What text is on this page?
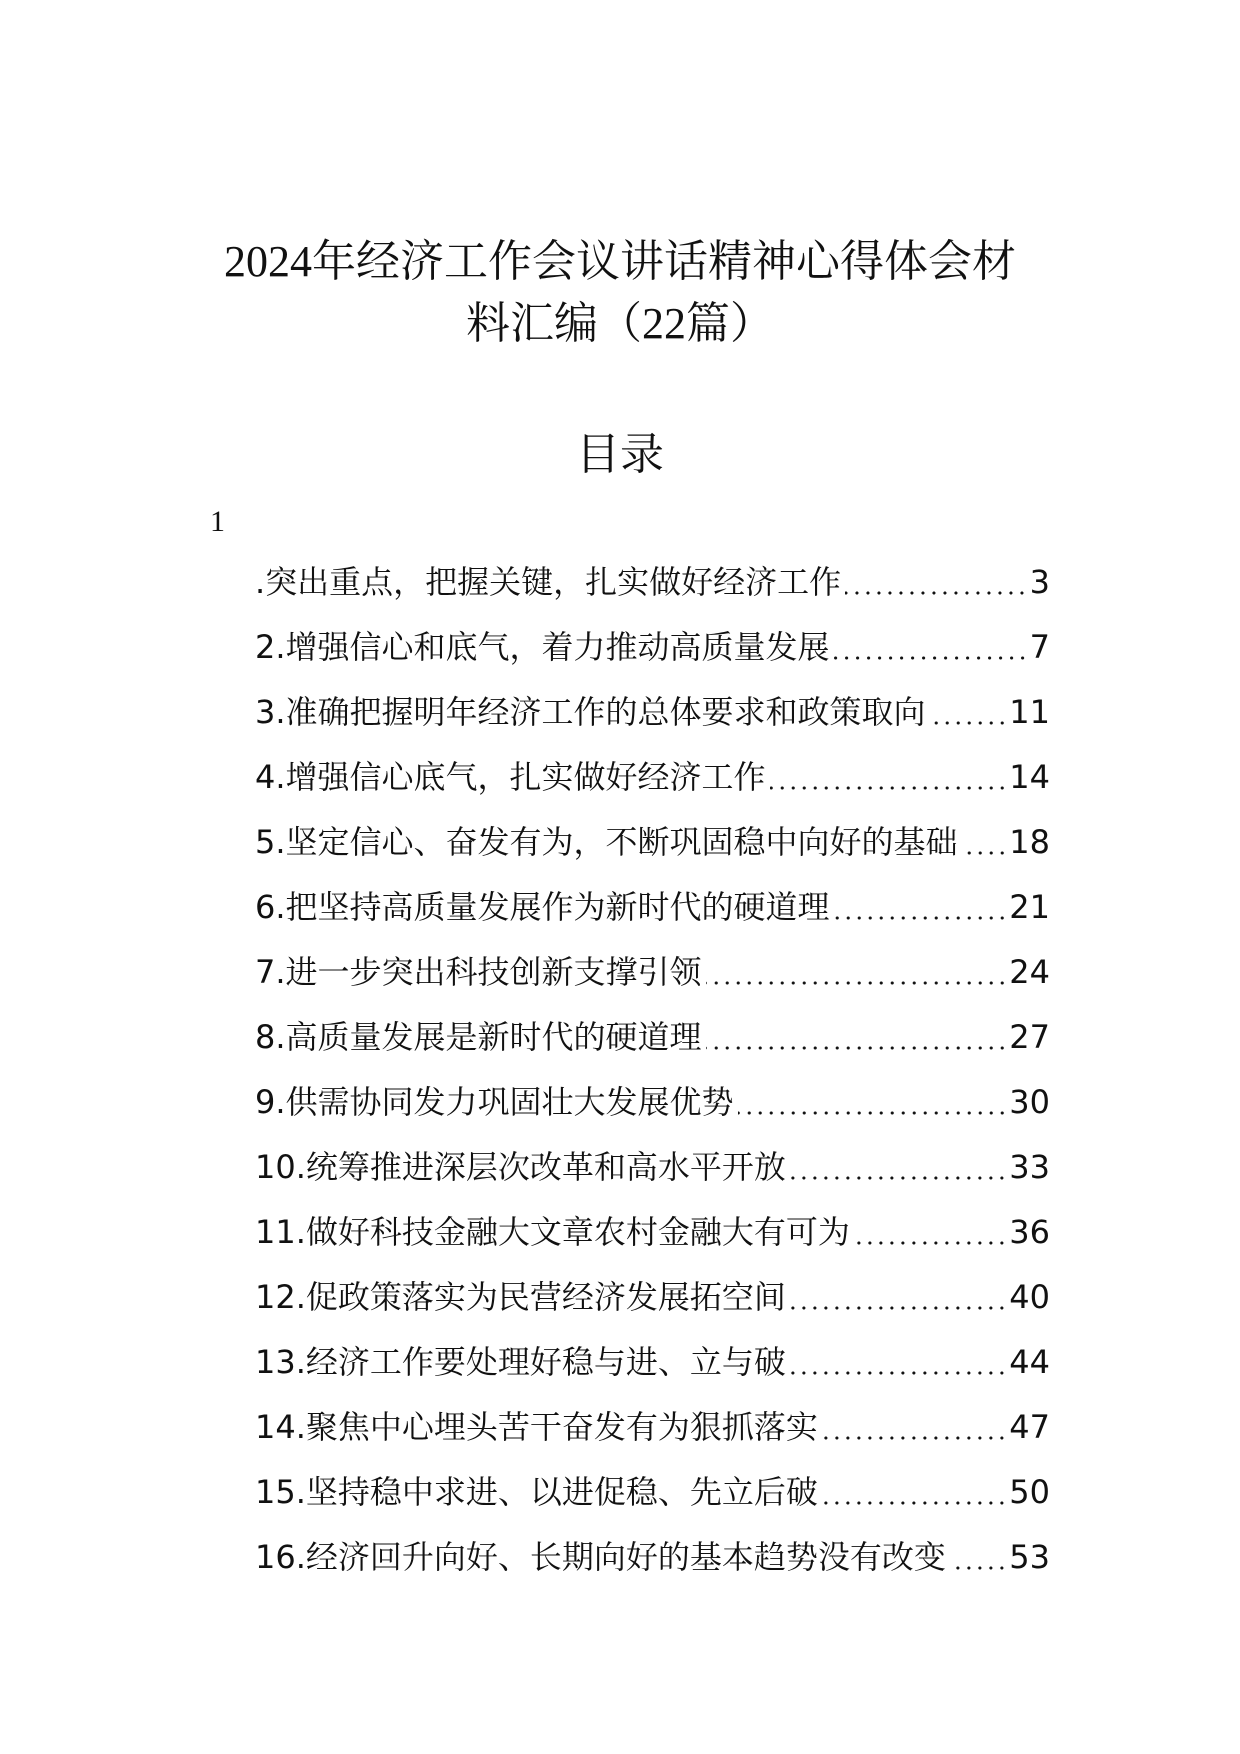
2024年经济工作会议讲话精神心得体会材
料汇编（22篇）
目录
1
.突出重点，把握关键，扎实做好经济工作	3
2.增强信心和底气，着力推动高质量发展	7
3.准确把握明年经济工作的总体要求和政策取向	11
4.增强信心底气，扎实做好经济工作	14
5.坚定信心、奋发有为，不断巩固稳中向好的基础 18
6.把坚持高质量发展作为新时代的硬道理	21
7.进一步突出科技创新支撑引领	24
8.高质量发展是新时代的硬道理	27
9.供需协同发力巩固壮大发展优势	30
10.统筹推进深层次改革和高水平开放	33
11.做好科技金融大文章农村金融大有可为	36
12.促政策落实为民营经济发展拓空间	40
13.经济工作要处理好稳与进、立与破	44
14.聚焦中心埋头苦干奋发有为狠抓落实	47
15.坚持稳中求进、以进促稳、先立后破	50
16.经济回升向好、长期向好的基本趋势没有改变 53
